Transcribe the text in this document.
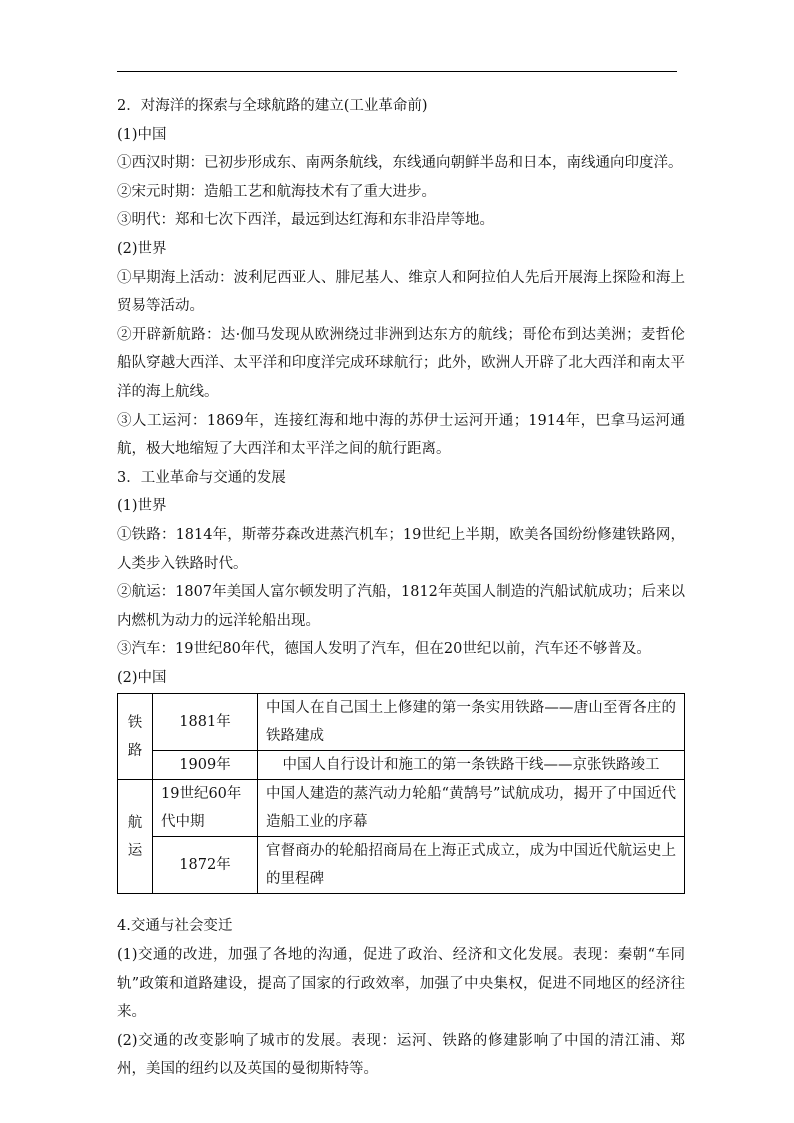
2．对海洋的探索与全球航路的建立(工业革命前)
(1)中国
①西汉时期：已初步形成东、南两条航线，东线通向朝鲜半岛和日本，南线通向印度洋。
②宋元时期：造船工艺和航海技术有了重大进步。
③明代：郑和七次下西洋，最远到达红海和东非沿岸等地。
(2)世界
①早期海上活动：波利尼西亚人、腓尼基人、维京人和阿拉伯人先后开展海上探险和海上贸易等活动。
②开辟新航路：达·伽马发现从欧洲绕过非洲到达东方的航线；哥伦布到达美洲；麦哲伦船队穿越大西洋、太平洋和印度洋完成环球航行；此外，欧洲人开辟了北大西洋和南太平洋的海上航线。
③人工运河：1869年，连接红海和地中海的苏伊士运河开通；1914年，巴拿马运河通航，极大地缩短了大西洋和太平洋之间的航行距离。
3．工业革命与交通的发展
(1)世界
①铁路：1814年，斯蒂芬森改进蒸汽机车；19世纪上半期，欧美各国纷纷修建铁路网，人类步入铁路时代。
②航运：1807年美国人富尔顿发明了汽船，1812年英国人制造的汽船试航成功；后来以内燃机为动力的远洋轮船出现。
③汽车：19世纪80年代，德国人发明了汽车，但在20世纪以前，汽车还不够普及。
(2)中国
铁路	1881年	中国人在自己国土上修建的第一条实用铁路——唐山至胥各庄的铁路建成
	1909年	中国人自行设计和施工的第一条铁路干线——京张铁路竣工
航运	19世纪60年代中期	中国人建造的蒸汽动力轮船“黄鹄号”试航成功，揭开了中国近代造船工业的序幕
	1872年	官督商办的轮船招商局在上海正式成立，成为中国近代航运史上的里程碑
4.交通与社会变迁
(1)交通的改进，加强了各地的沟通，促进了政治、经济和文化发展。表现：秦朝“车同轨”政策和道路建设，提高了国家的行政效率，加强了中央集权，促进不同地区的经济往来。
(2)交通的改变影响了城市的发展。表现：运河、铁路的修建影响了中国的清江浦、郑州，美国的纽约以及英国的曼彻斯特等。
